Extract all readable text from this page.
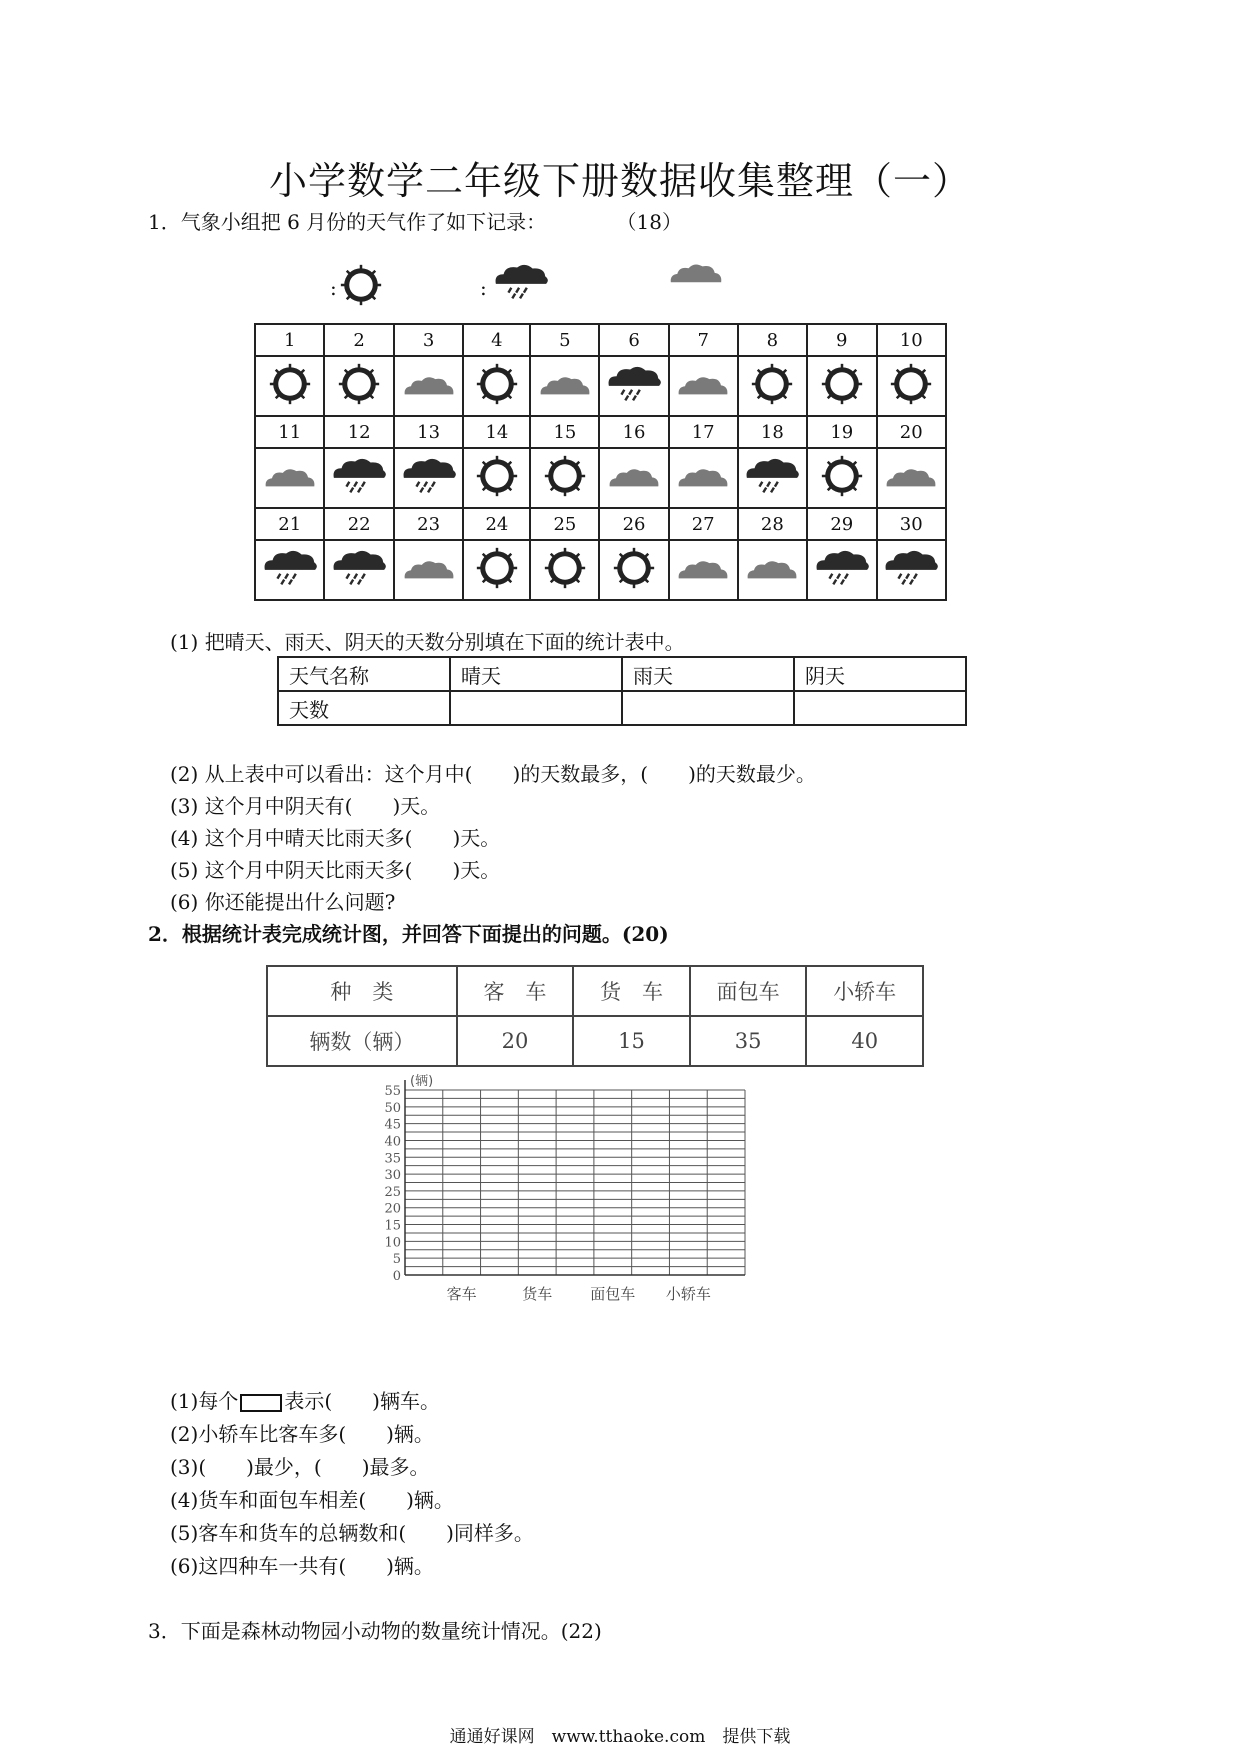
小学数学二年级下册数据收集整理（一）
1．气象小组把 6 月份的天气作了如下记录：	（18）
:	:
1	2	3	4	5	6	7	8	9	10

11	12	13	14	15	16	17	18	19	20

21	22	23	24	25	26	27	28	29	30

(1) 把晴天、雨天、阴天的天数分别填在下面的统计表中。
天气名称	晴天	雨天	阴天
天数			
(2) 从上表中可以看出：这个月中(　　)的天数最多，(　　)的天数最少。
(3) 这个月中阴天有(　　)天。
(4) 这个月中晴天比雨天多(　　)天。
(5) 这个月中阴天比雨天多(　　)天。
(6) 你还能提出什么问题?
2．根据统计表完成统计图，并回答下面提出的问题。(20)
种　类	客　车	货　车	面包车	小轿车
辆数（辆）	20	15	35	40
0
5
10
15
20
25
30
35
40
45
50
55
(辆)
客车	货车	面包车 小轿车
(1)每个 表示(　　)辆车。
(2)小轿车比客车多(　　)辆。
(3)(　　)最少，(　　)最多。
(4)货车和面包车相差(　　)辆。
(5)客车和货车的总辆数和(　　)同样多。
(6)这四种车一共有(　　)辆。
3．下面是森林动物园小动物的数量统计情况。(22)
通通好课网　www.tthaoke.com　提供下载
